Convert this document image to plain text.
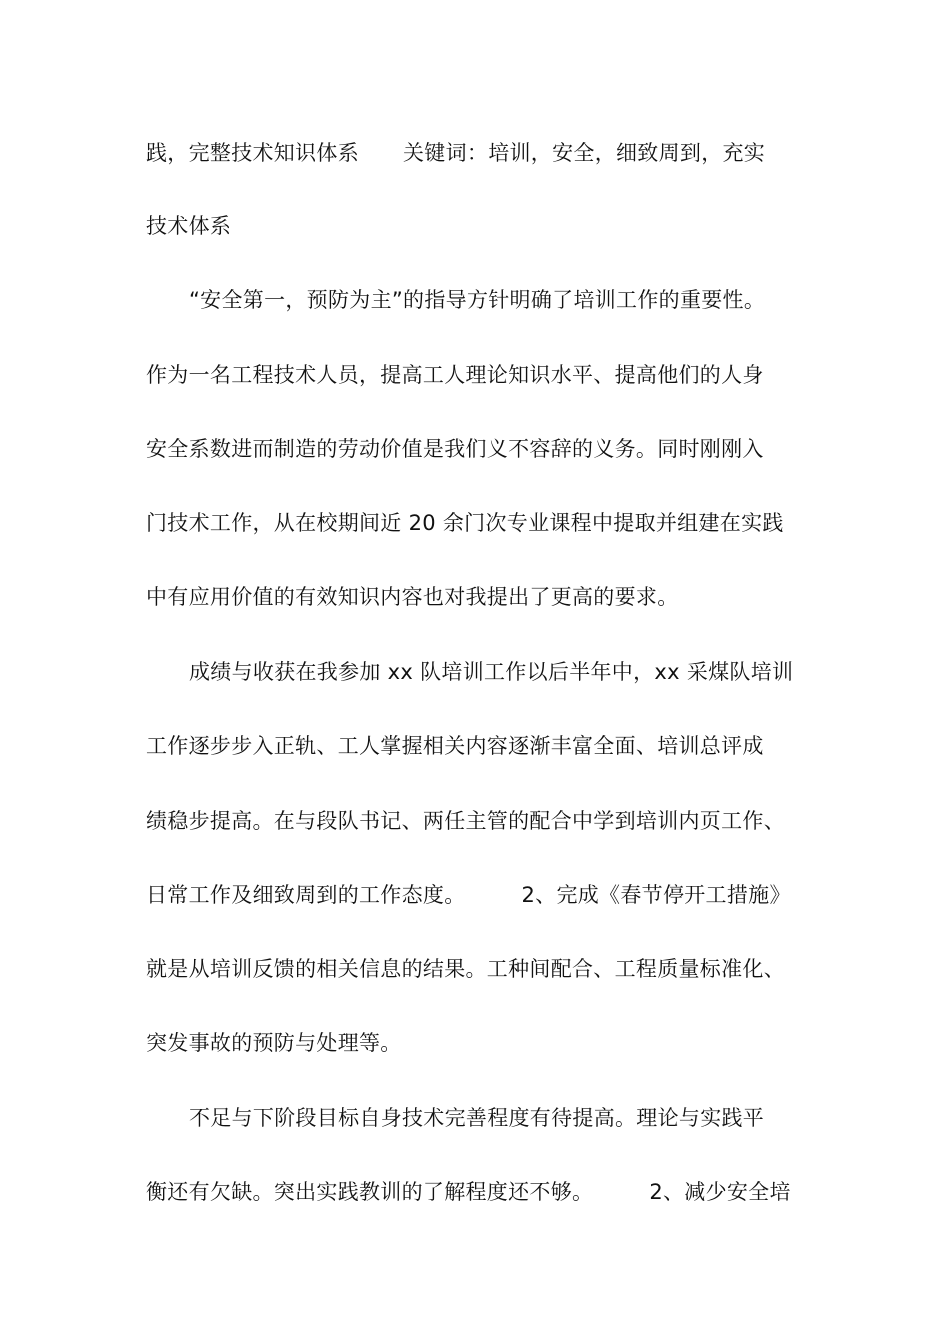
践，完整技术知识体系 关键词：培训，安全，细致周到，充实
技术体系
“安全第一，预防为主”的指导方针明确了培训工作的重要性。
作为一名工程技术人员，提高工人理论知识水平、提高他们的人身
安全系数进而制造的劳动价值是我们义不容辞的义务。同时刚刚入
门技术工作，从在校期间近 20 余门次专业课程中提取并组建在实践
中有应用价值的有效知识内容也对我提出了更高的要求。
成绩与收获在我参加 xx 队培训工作以后半年中，xx 采煤队培训
工作逐步步入正轨、工人掌握相关内容逐渐丰富全面、培训总评成
绩稳步提高。在与段队书记、两任主管的配合中学到培训内页工作、
日常工作及细致周到的工作态度。	2、完成《春节停开工措施》
就是从培训反馈的相关信息的结果。工种间配合、工程质量标准化、
突发事故的预防与处理等。
不足与下阶段目标自身技术完善程度有待提高。理论与实践平
衡还有欠缺。突出实践教训的了解程度还不够。	2、减少安全培
